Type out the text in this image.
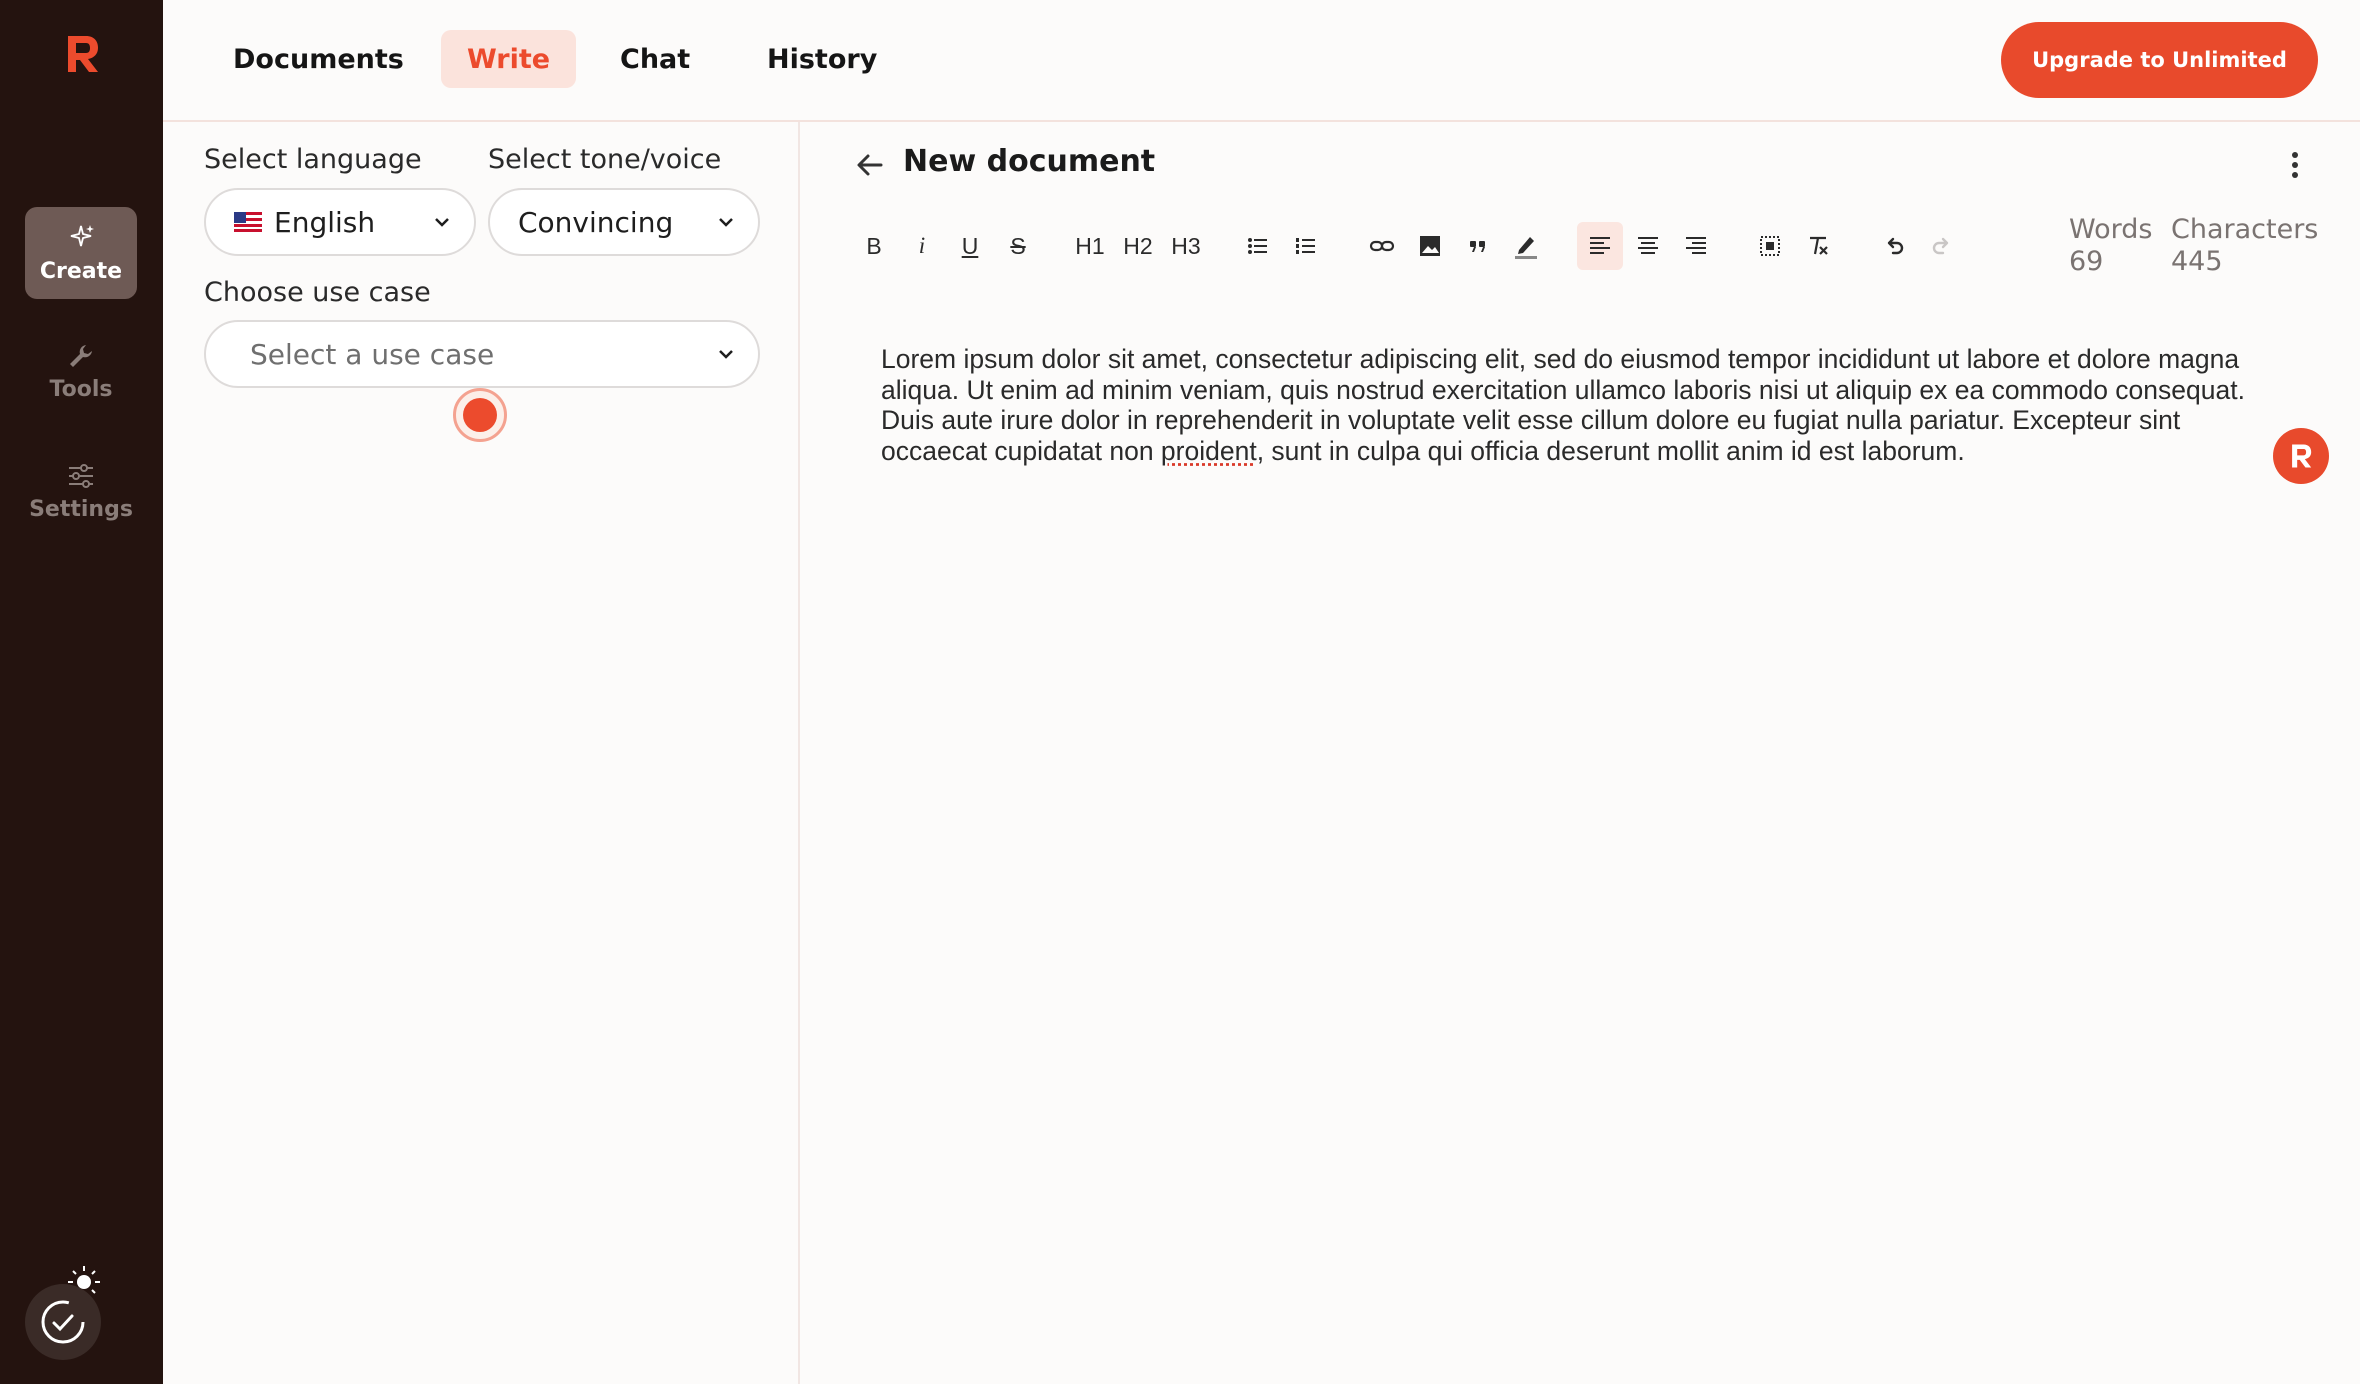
Create
Tools
Settings
Documents	Write	Chat	History	Upgrade to Unlimited
Select language Select tone/voice
English	Convincing
Choose use case
Select a use case
New document
B	i	U	S	H1 H2 H3
Words
69
Characters
445
Lorem ipsum dolor sit amet, consectetur adipiscing elit, sed do eiusmod tempor incididunt ut labore et dolore magna aliqua. Ut enim ad minim veniam, quis nostrud exercitation ullamco laboris nisi ut aliquip ex ea commodo consequat. Duis aute irure dolor in reprehenderit in voluptate velit esse cillum dolore eu fugiat nulla pariatur. Excepteur sint occaecat cupidatat non proident, sunt in culpa qui officia deserunt mollit anim id est laborum.
